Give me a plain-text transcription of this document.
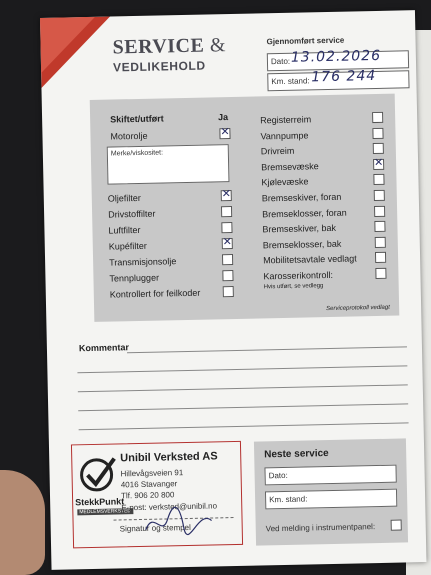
SERVICE &
VEDLIKEHOLD
Gjennomført service
Dato: 13.02.2026
Km. stand: 176 244
Skiftet/utført	Ja
Motorolje
✕
Merke/viskositet:
Oljefilter
✕
Drivstoffilter
Luftfilter
Kupéfilter
✕
Transmisjonsolje
Tennplugger
Kontrollert for feilkoder
Registerreim
Vannpumpe
Drivreim
Bremsevæske
✕
Kjølevæske
Bremseskiver, foran
Bremseklosser, foran
Bremseskiver, bak
Bremseklosser, bak
Mobilitetsavtale vedlagt
Karosserikontroll:
Hvis utført, se vedlegg
Serviceprotokoll vedlagt
Kommentar
StekkPunkt
MEDLEMSVERKSTED
Unibil Verksted AS
Hillevågsveien 91
4016 Stavanger
Tlf. 906 20 800
E-post: verksted@unibil.no
Signatur og stempel
Neste service
Dato:
Km. stand:
Ved melding i instrumentpanel:
